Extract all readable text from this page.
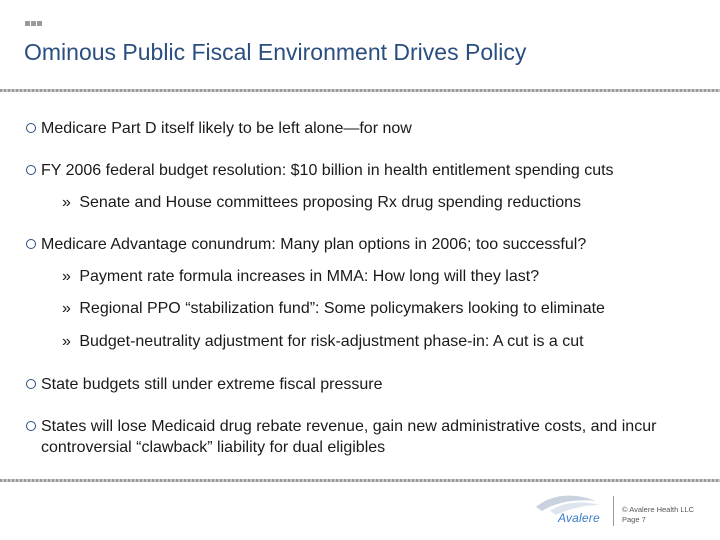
Ominous Public Fiscal Environment Drives Policy
Medicare Part D itself likely to be left alone—for now
FY 2006 federal budget resolution: $10 billion in health entitlement spending cuts
» Senate and House committees proposing Rx drug spending reductions
Medicare Advantage conundrum: Many plan options in 2006; too successful?
» Payment rate formula increases in MMA: How long will they last?
» Regional PPO “stabilization fund”: Some policymakers looking to eliminate
» Budget-neutrality adjustment for risk-adjustment phase-in: A cut is a cut
State budgets still under extreme fiscal pressure
States will lose Medicaid drug rebate revenue, gain new administrative costs, and incur controversial “clawback” liability for dual eligibles
Avalere
© Avalere Health LLC
Page 7
